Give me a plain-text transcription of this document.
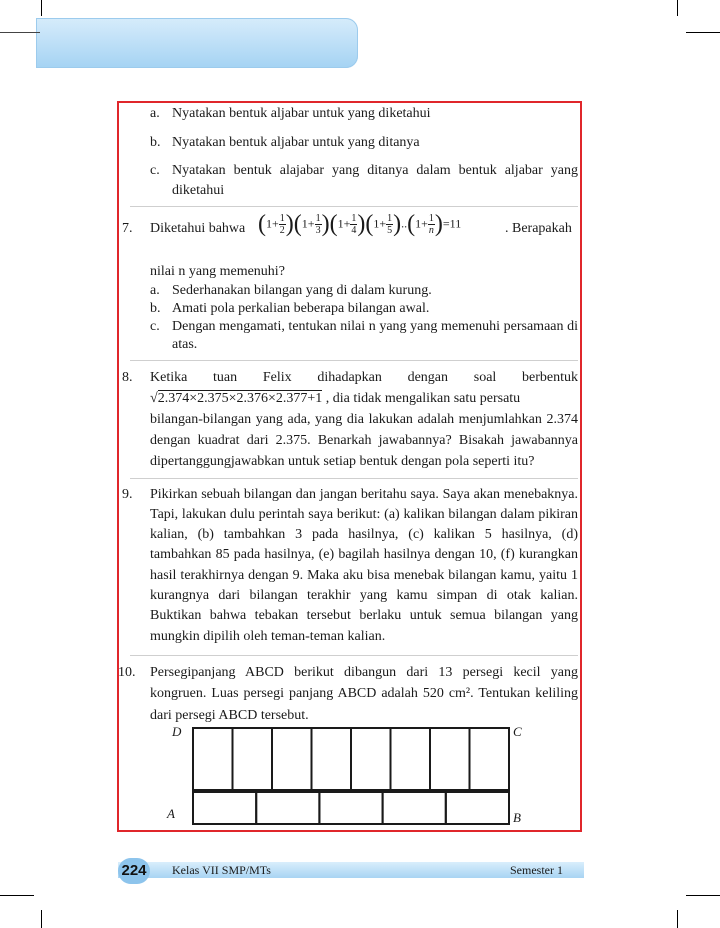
a. Nyatakan bentuk aljabar untuk yang diketahui
b. Nyatakan bentuk aljabar untuk yang ditanya
c. Nyatakan bentuk alajabar yang ditanya dalam bentuk aljabar yang diketahui
7. Diketahui bahwa $(1+ \frac{1}{2} )(1+ \frac{1}{3} )(1+ \frac{1}{4} )(1+ \frac{1}{5} )..(1+ \frac{1}{n} )=11$	. Berapakah
nilai n yang memenuhi?
a. Sederhanakan bilangan yang di dalam kurung.
b. Amati pola perkalian beberapa bilangan awal.
c. Dengan mengamati, tentukan nilai n yang yang memenuhi persamaan di atas.
8. Ketika tuan Felix dihadapkan dengan soal berbentuk
√2.374×2.375×2.376×2.377+1 , dia tidak mengalikan satu persatu
bilangan-bilangan yang ada, yang dia lakukan adalah menjumlahkan 2.374 dengan kuadrat dari 2.375. Benarkah jawabannya? Bisakah jawabannya dipertanggungjawabkan untuk setiap bentuk dengan pola seperti itu?
9. Pikirkan sebuah bilangan dan jangan beritahu saya. Saya akan menebaknya. Tapi, lakukan dulu perintah saya berikut: (a) kalikan bilangan dalam pikiran kalian, (b) tambahkan 3 pada hasilnya, (c) kalikan 5 hasilnya, (d) tambahkan 85 pada hasilnya, (e) bagilah hasilnya dengan 10, (f) kurangkan hasil terakhirnya dengan 9. Maka aku bisa menebak bilangan kamu, yaitu 1 kurangnya dari bilangan terakhir yang kamu simpan di otak kalian. Buktikan bahwa tebakan tersebut berlaku untuk semua bilangan yang mungkin dipilih oleh teman-teman kalian.
10. Persegipanjang ABCD berikut dibangun dari 13 persegi kecil yang kongruen. Luas persegi panjang ABCD adalah 520 cm². Tentukan keliling dari persegi ABCD tersebut.
D	C
A	B
224 Kelas VII SMP/MTs	Semester 1
